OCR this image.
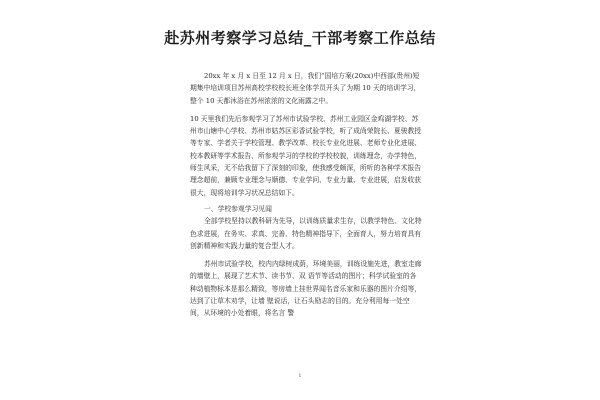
赴苏州考察学习总结_干部考察工作总结

20xx 年 x 月 x 日至 12 月 x 日，我们“国培方案(20xx)中西部(贵州)短期集中培训项目苏州高校学校校长班全体学员开头了为期 10 天的培训学习，整个 10 天都沐浴在苏州浓浓的文化雨露之中。

10 天里我们先后参观学习了苏州市试验学校、苏州工业园区金鸡湖学校、苏州市山塘中心学校、苏州市姑苏区彩香试验学校，听了成尚荣院长、夏骏教授等专家、学者关于学校管理、教学改革、校长专业化进展、老师专业化进展、校本教研等学术报告、所参观学习的学校的学校校貌，训练理念，办学特色，师生风采，无不给我留下了深刻的印象，使我感受颇深，所听的各种学术报告理念超前，兼顾专业理念与顺德、专业学问、专业力量、专业进展，启发收获很大，现将培训学习状况总结如下。

一、学校参观学习见闻

全部学校坚持以教科研为先导，以训练质量求生存，以教学特色、文化特色求进展，在务实、求真、完善、特色精神指导下，全面育人，努力培育具有创新精神和实践力量的复合型人才。

苏州市试验学校，校内内绿树成荫，环境美丽，训练设施先进，教室走廊的墙壁上，展现了艺术节、读书节、双 语节等活动的图片；科学试验室的各种动植物标本是那么精致，等房墙上挂世界闻名音乐家和乐器的图片介绍等，达到了让草木劝学，让墙 壁说话，让石头励志的目的。充分利用每一处空间，从环境的小处着眼，将名言 警

1
